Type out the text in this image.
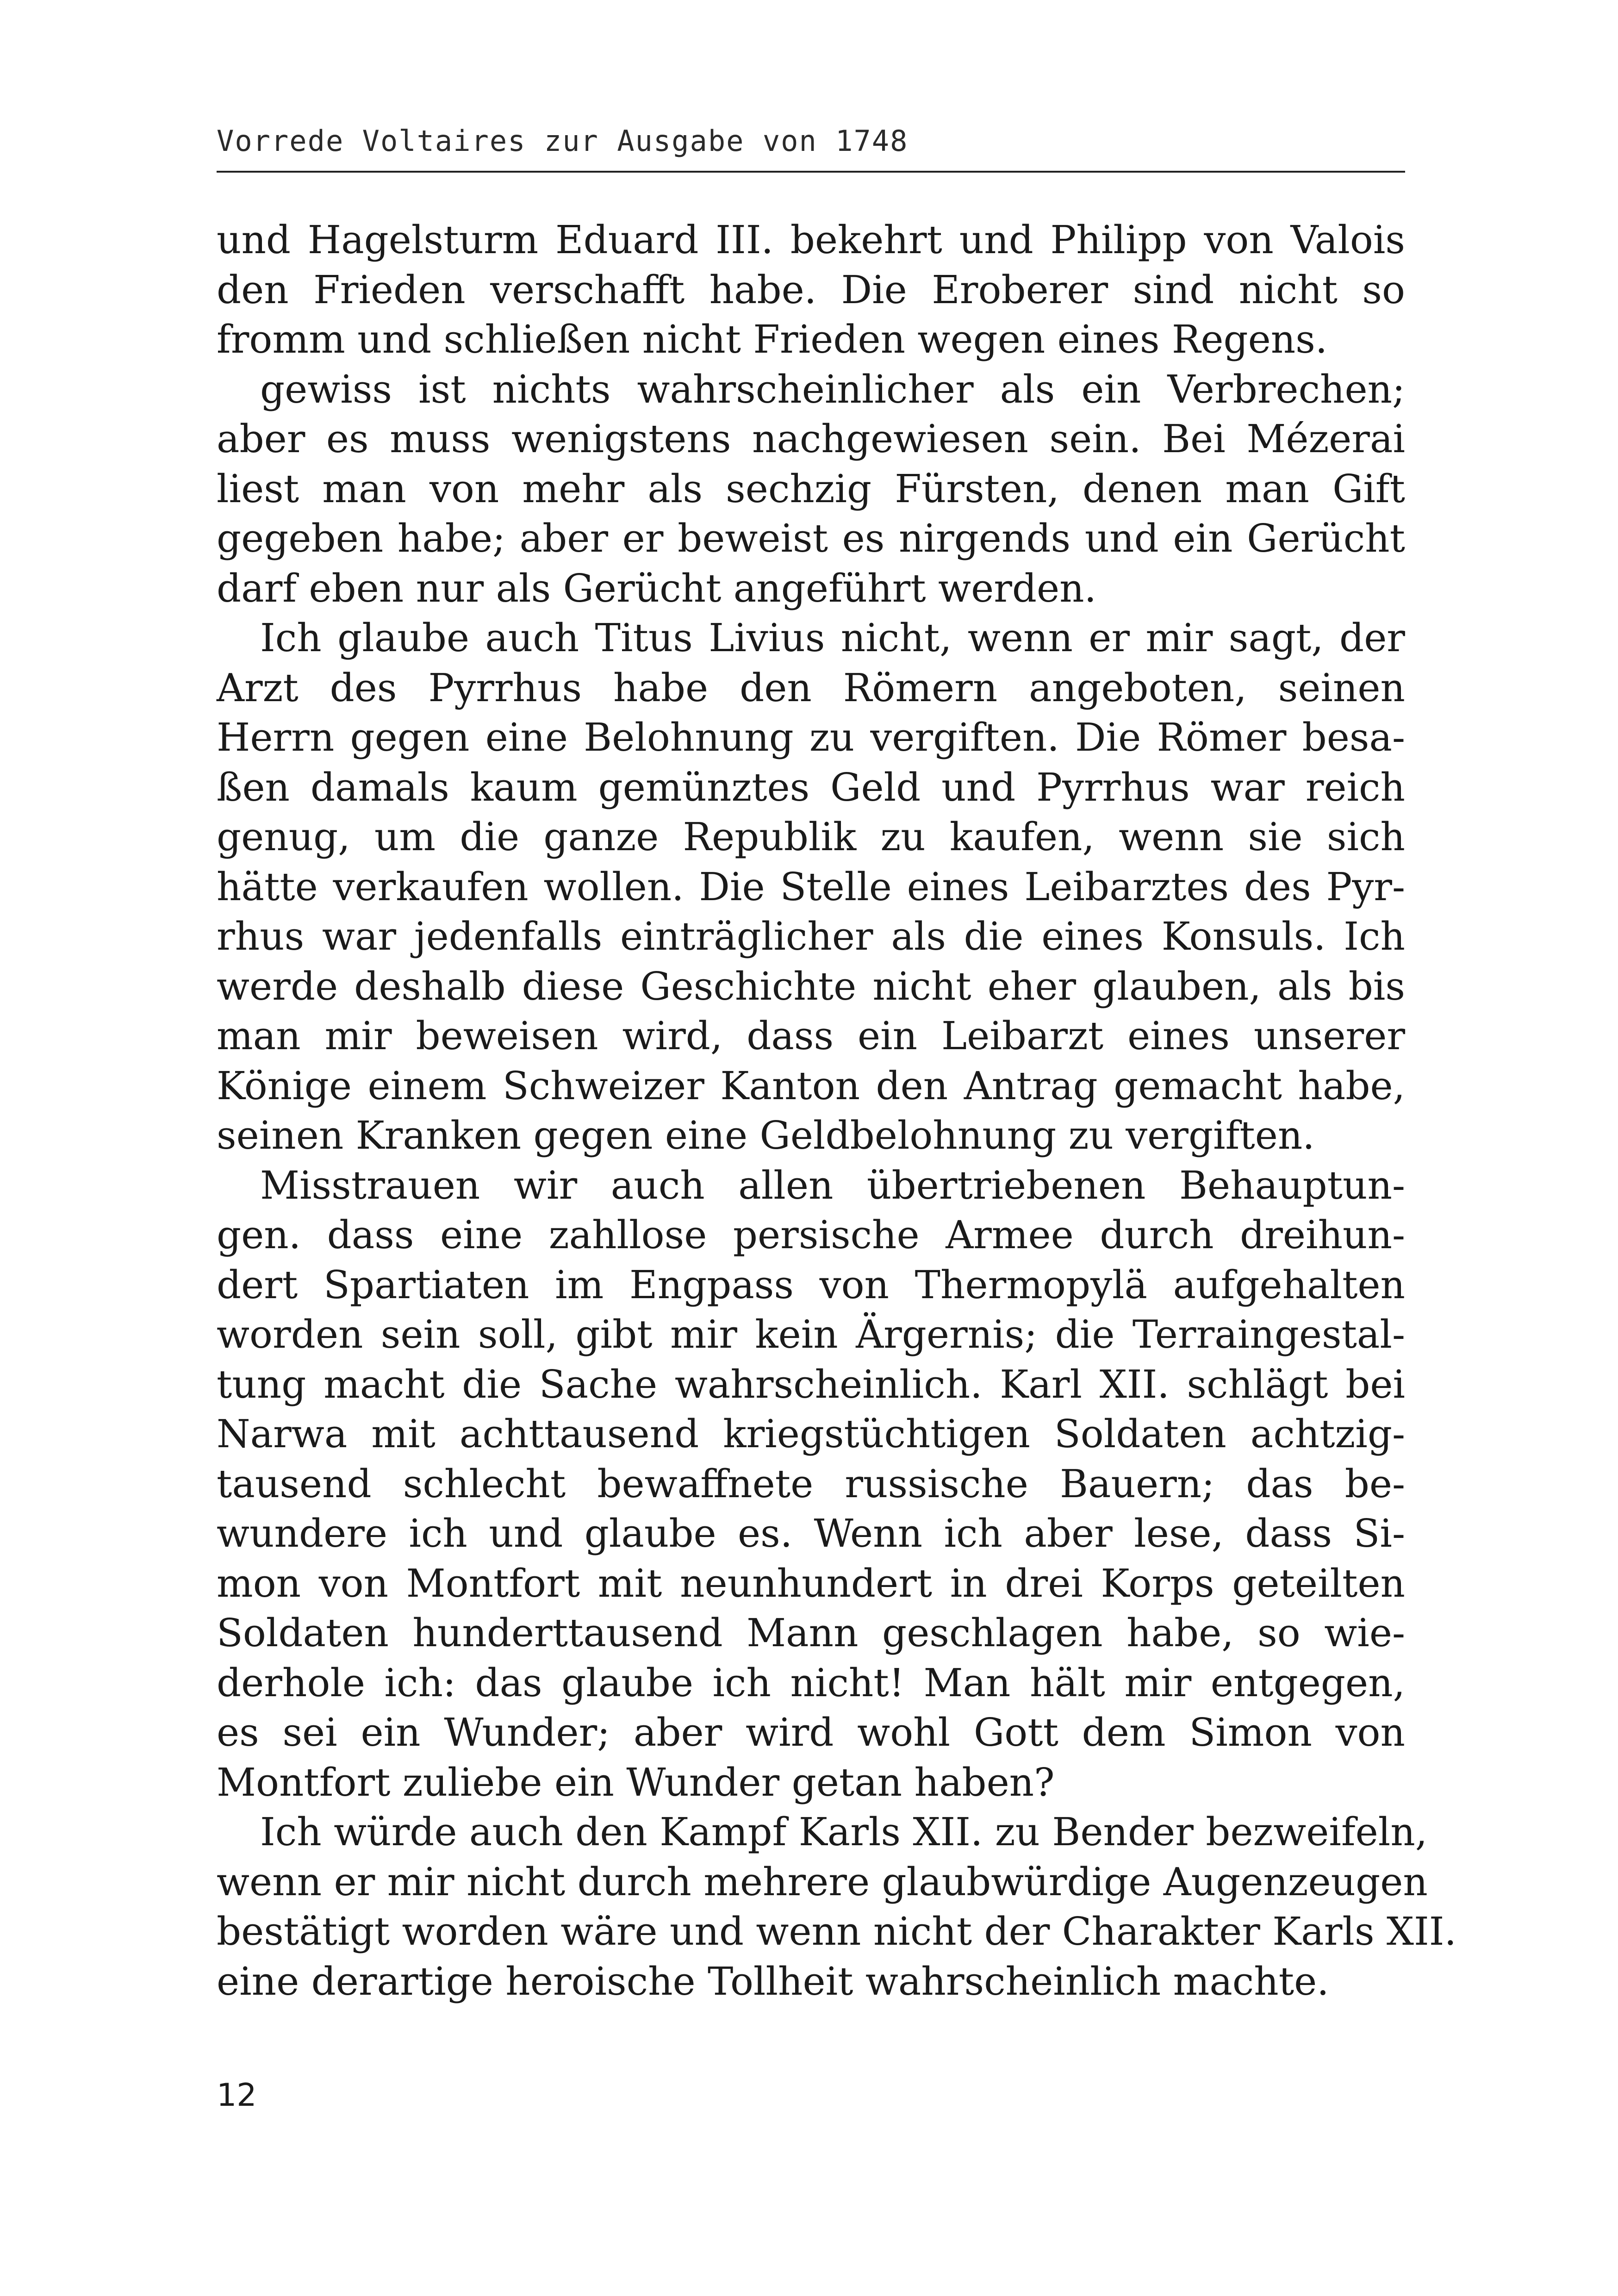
Vorrede Voltaires zur Ausgabe von 1748
und Hagelsturm Eduard III. bekehrt und Philipp von Valois
den Frieden verschafft habe. Die Eroberer sind nicht so
fromm und schließen nicht Frieden wegen eines Regens.
gewiss ist nichts wahrscheinlicher als ein Verbrechen;
aber es muss wenigstens nachgewiesen sein. Bei Mézerai
liest man von mehr als sechzig Fürsten, denen man Gift
gegeben habe; aber er beweist es nirgends und ein Gerücht
darf eben nur als Gerücht angeführt werden.
Ich glaube auch Titus Livius nicht, wenn er mir sagt, der
Arzt des Pyrrhus habe den Römern angeboten, seinen
Herrn gegen eine Belohnung zu vergiften. Die Römer besa-
ßen damals kaum gemünztes Geld und Pyrrhus war reich
genug, um die ganze Republik zu kaufen, wenn sie sich
hätte verkaufen wollen. Die Stelle eines Leibarztes des Pyr-
rhus war jedenfalls einträglicher als die eines Konsuls. Ich
werde deshalb diese Geschichte nicht eher glauben, als bis
man mir beweisen wird, dass ein Leibarzt eines unserer
Könige einem Schweizer Kanton den Antrag gemacht habe,
seinen Kranken gegen eine Geldbelohnung zu vergiften.
Misstrauen wir auch allen übertriebenen Behauptun-
gen. dass eine zahllose persische Armee durch dreihun-
dert Spartiaten im Engpass von Thermopylä aufgehalten
worden sein soll, gibt mir kein Ärgernis; die Terraingestal-
tung macht die Sache wahrscheinlich. Karl XII. schlägt bei
Narwa mit achttausend kriegstüchtigen Soldaten achtzig-
tausend schlecht bewaffnete russische Bauern; das be-
wundere ich und glaube es. Wenn ich aber lese, dass Si-
mon von Montfort mit neunhundert in drei Korps geteilten
Soldaten hunderttausend Mann geschlagen habe, so wie-
derhole ich: das glaube ich nicht! Man hält mir entgegen,
es sei ein Wunder; aber wird wohl Gott dem Simon von
Montfort zuliebe ein Wunder getan haben?
Ich würde auch den Kampf Karls XII. zu Bender bezweifeln,
wenn er mir nicht durch mehrere glaubwürdige Augenzeugen
bestätigt worden wäre und wenn nicht der Charakter Karls XII.
eine derartige heroische Tollheit wahrscheinlich machte.
12
